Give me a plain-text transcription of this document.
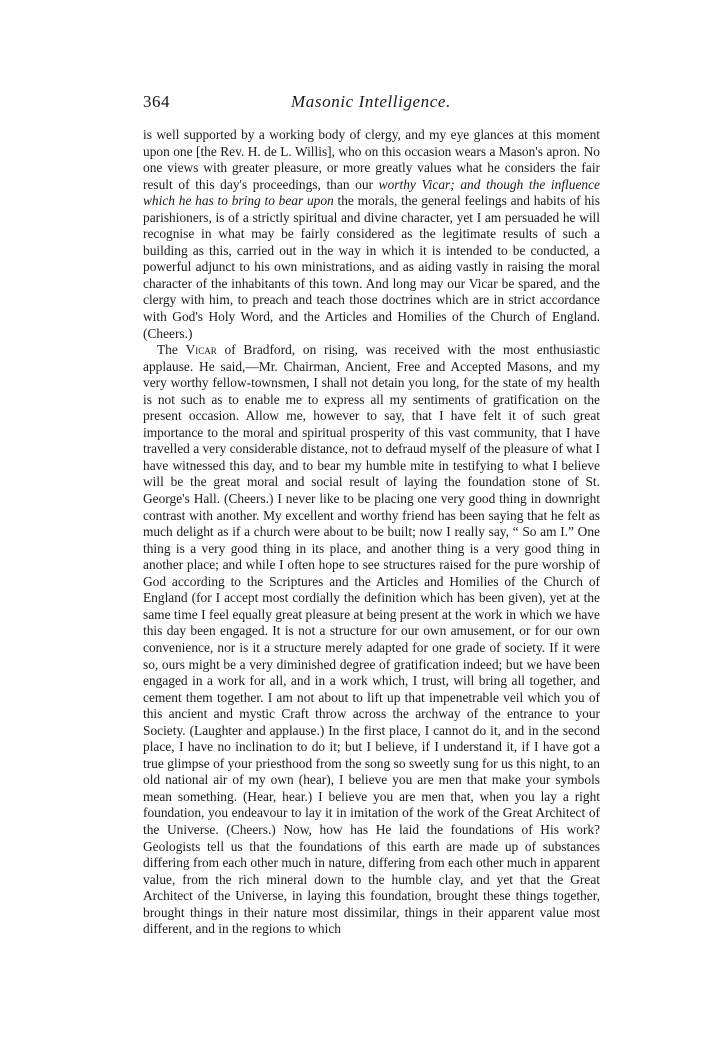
364	Masonic Intelligence.

is well supported by a working body of clergy, and my eye glances at this moment upon one [the Rev. H. de L. Willis], who on this occasion wears a Mason's apron. No one views with greater pleasure, or more greatly values what he considers the fair result of this day's proceedings, than our worthy Vicar; and though the influence which he has to bring to bear upon the morals, the general feelings and habits of his parishioners, is of a strictly spiritual and divine character, yet I am persuaded he will recognise in what may be fairly considered as the legitimate results of such a building as this, carried out in the way in which it is intended to be conducted, a powerful adjunct to his own ministrations, and as aiding vastly in raising the moral character of the inhabitants of this town. And long may our Vicar be spared, and the clergy with him, to preach and teach those doctrines which are in strict accordance with God's Holy Word, and the Articles and Homilies of the Church of England. (Cheers.)

The Vicar of Bradford, on rising, was received with the most enthusiastic applause. He said,—Mr. Chairman, Ancient, Free and Accepted Masons, and my very worthy fellow-townsmen, I shall not detain you long, for the state of my health is not such as to enable me to express all my sentiments of gratification on the present occasion. Allow me, however to say, that I have felt it of such great importance to the moral and spiritual prosperity of this vast community, that I have travelled a very considerable distance, not to defraud myself of the pleasure of what I have witnessed this day, and to bear my humble mite in testifying to what I believe will be the great moral and social result of laying the foundation stone of St. George's Hall. (Cheers.) I never like to be placing one very good thing in downright contrast with another. My excellent and worthy friend has been saying that he felt as much delight as if a church were about to be built; now I really say, “ So am I.” One thing is a very good thing in its place, and another thing is a very good thing in another place; and while I often hope to see structures raised for the pure worship of God according to the Scriptures and the Articles and Homilies of the Church of England (for I accept most cordially the definition which has been given), yet at the same time I feel equally great pleasure at being present at the work in which we have this day been engaged. It is not a structure for our own amusement, or for our own convenience, nor is it a structure merely adapted for one grade of society. If it were so, ours might be a very diminished degree of gratification indeed; but we have been engaged in a work for all, and in a work which, I trust, will bring all together, and cement them together. I am not about to lift up that impenetrable veil which you of this ancient and mystic Craft throw across the archway of the entrance to your Society. (Laughter and applause.) In the first place, I cannot do it, and in the second place, I have no inclination to do it; but I believe, if I understand it, if I have got a true glimpse of your priesthood from the song so sweetly sung for us this night, to an old national air of my own (hear), I believe you are men that make your symbols mean something. (Hear, hear.) I believe you are men that, when you lay a right foundation, you endeavour to lay it in imitation of the work of the Great Architect of the Universe. (Cheers.) Now, how has He laid the foundations of His work? Geologists tell us that the foundations of this earth are made up of substances differing from each other much in nature, differing from each other much in apparent value, from the rich mineral down to the humble clay, and yet that the Great Architect of the Universe, in laying this foundation, brought these things together, brought things in their nature most dissimilar, things in their apparent value most different, and in the regions to which
